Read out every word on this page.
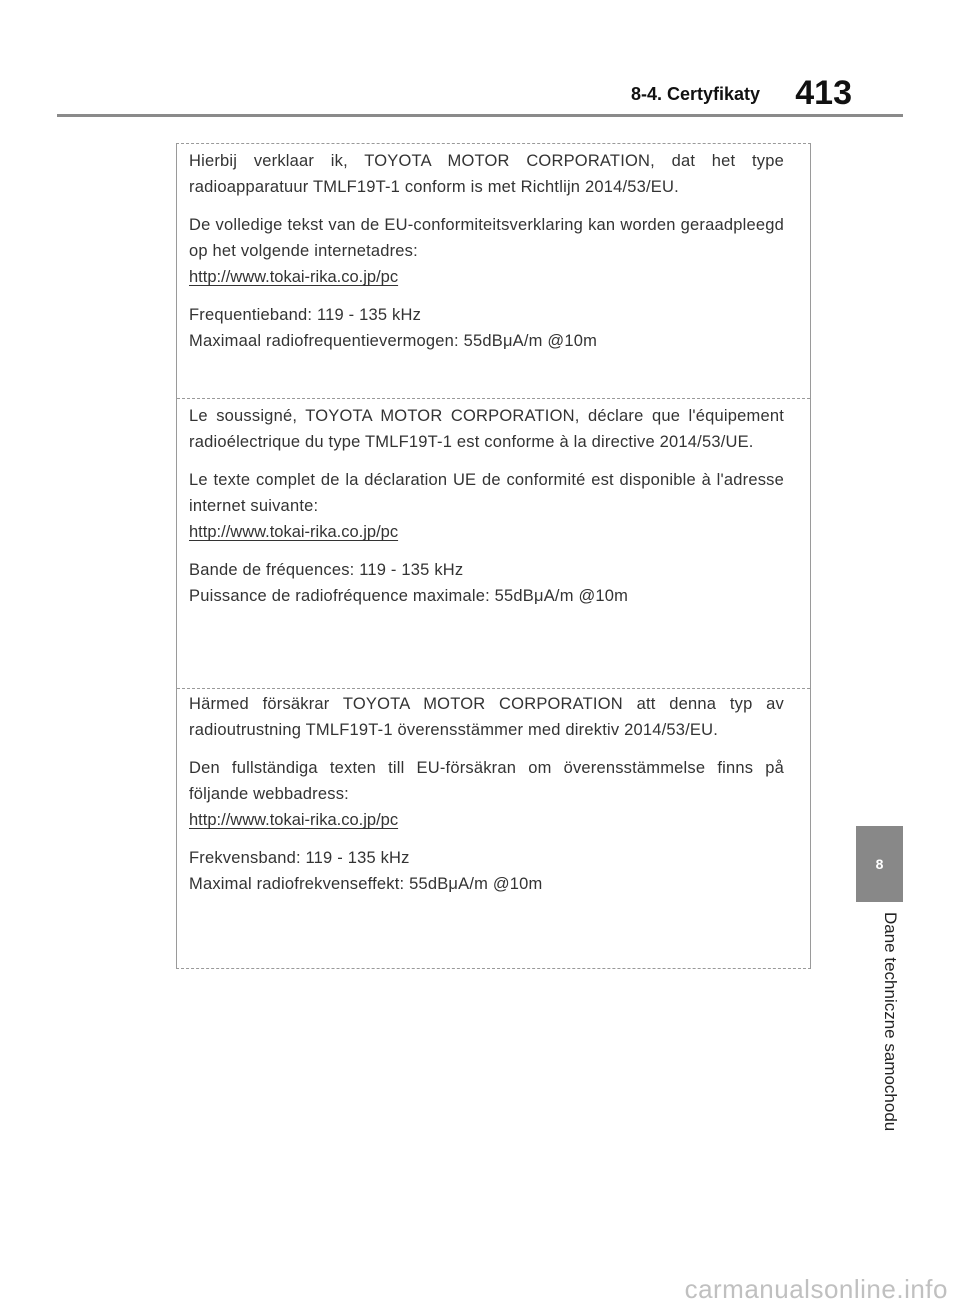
8-4. Certyfikaty 413

Hierbij verklaar ik, TOYOTA MOTOR CORPORATION, dat het type radioapparatuur TMLF19T-1 conform is met Richtlijn 2014/53/EU.

De volledige tekst van de EU-conformiteitsverklaring kan worden geraadpleegd op het volgende internetadres:

http://www.tokai-rika.co.jp/pc

Frequentieband: 119 - 135 kHz

Maximaal radiofrequentievermogen: 55dBμA/m @10m

Le soussigné, TOYOTA MOTOR CORPORATION, déclare que l'équipement radioélectrique du type TMLF19T-1 est conforme à la directive 2014/53/UE.

Le texte complet de la déclaration UE de conformité est disponible à l'adresse internet suivante:

http://www.tokai-rika.co.jp/pc

Bande de fréquences: 119 - 135 kHz

Puissance de radiofréquence maximale: 55dBμA/m @10m

Härmed försäkrar TOYOTA MOTOR CORPORATION att denna typ av radioutrustning TMLF19T-1 överensstämmer med direktiv 2014/53/EU.

Den fullständiga texten till EU-försäkran om överensstämmelse finns på följande webbadress:

http://www.tokai-rika.co.jp/pc

Frekvensband: 119 - 135 kHz

Maximal radiofrekvenseffekt: 55dBμA/m @10m

8
Dane techniczne samochodu
carmanualsonline.info
